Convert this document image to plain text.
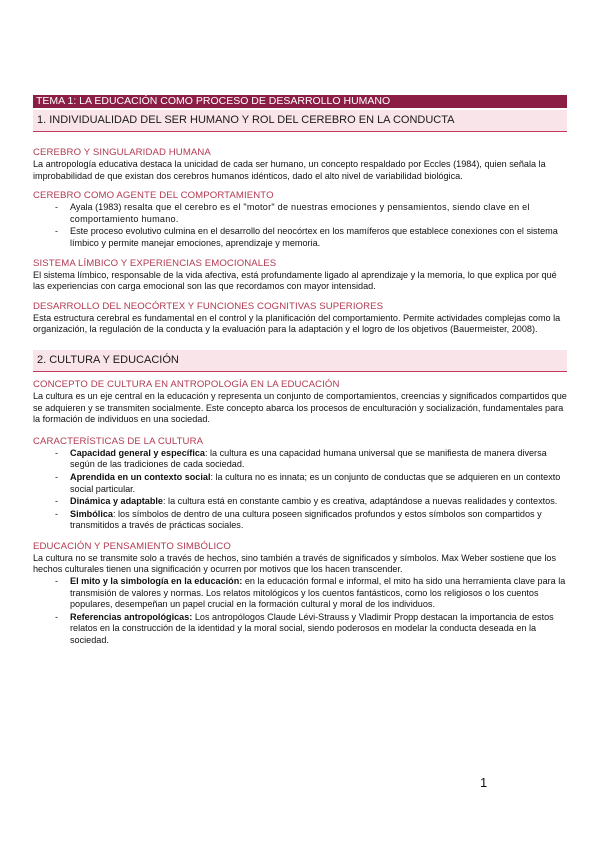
TEMA 1: LA EDUCACIÓN COMO PROCESO DE DESARROLLO HUMANO
1. INDIVIDUALIDAD DEL SER HUMANO Y ROL DEL CEREBRO EN LA CONDUCTA
CEREBRO Y SINGULARIDAD HUMANA

La antropología educativa destaca la unicidad de cada ser humano, un concepto respaldado por Eccles (1984), quien señala la improbabilidad de que existan dos cerebros humanos idénticos, dado el alto nivel de variabilidad biológica.

CEREBRO COMO AGENTE DEL COMPORTAMIENTO
- Ayala (1983) resalta que el cerebro es el "motor" de nuestras emociones y pensamientos, siendo clave en el comportamiento humano.
- Este proceso evolutivo culmina en el desarrollo del neocórtex en los mamíferos que establece conexiones con el sistema límbico y permite manejar emociones, aprendizaje y memoria.
SISTEMA LÍMBICO Y EXPERIENCIAS EMOCIONALES

El sistema límbico, responsable de la vida afectiva, está profundamente ligado al aprendizaje y la memoria, lo que explica por qué las experiencias con carga emocional son las que recordamos con mayor intensidad.

DESARROLLO DEL NEOCÓRTEX Y FUNCIONES COGNITIVAS SUPERIORES

Esta estructura cerebral es fundamental en el control y la planificación del comportamiento. Permite actividades complejas como la organización, la regulación de la conducta y la evaluación para la adaptación y el logro de los objetivos (Bauermeister, 2008).

2. CULTURA Y EDUCACIÓN
CONCEPTO DE CULTURA EN ANTROPOLOGÍA EN LA EDUCACIÓN

La cultura es un eje central en la educación y representa un conjunto de comportamientos, creencias y significados compartidos que se adquieren y se transmiten socialmente. Este concepto abarca los procesos de enculturación y socialización, fundamentales para la formación de individuos en una sociedad.

CARACTERÍSTICAS DE LA CULTURA
- Capacidad general y específica: la cultura es una capacidad humana universal que se manifiesta de manera diversa según de las tradiciones de cada sociedad.
- Aprendida en un contexto social: la cultura no es innata; es un conjunto de conductas que se adquieren en un contexto social particular.
- Dinámica y adaptable: la cultura está en constante cambio y es creativa, adaptándose a nuevas realidades y contextos.
- Simbólica: los símbolos de dentro de una cultura poseen significados profundos y estos símbolos son compartidos y transmitidos a través de prácticas sociales.
EDUCACIÓN Y PENSAMIENTO SIMBÓLICO

La cultura no se transmite solo a través de hechos, sino también a través de significados y símbolos. Max Weber sostiene que los hechos culturales tienen una significación y ocurren por motivos que los hacen transcender.

- El mito y la simbología en la educación: en la educación formal e informal, el mito ha sido una herramienta clave para la transmisión de valores y normas. Los relatos mitológicos y los cuentos fantásticos, como los religiosos o los cuentos populares, desempeñan un papel crucial en la formación cultural y moral de los individuos.
- Referencias antropológicas: Los antropólogos Claude Lévi-Strauss y Vladimir Propp destacan la importancia de estos relatos en la construcción de la identidad y la moral social, siendo poderosos en modelar la conducta deseada en la sociedad.
1
